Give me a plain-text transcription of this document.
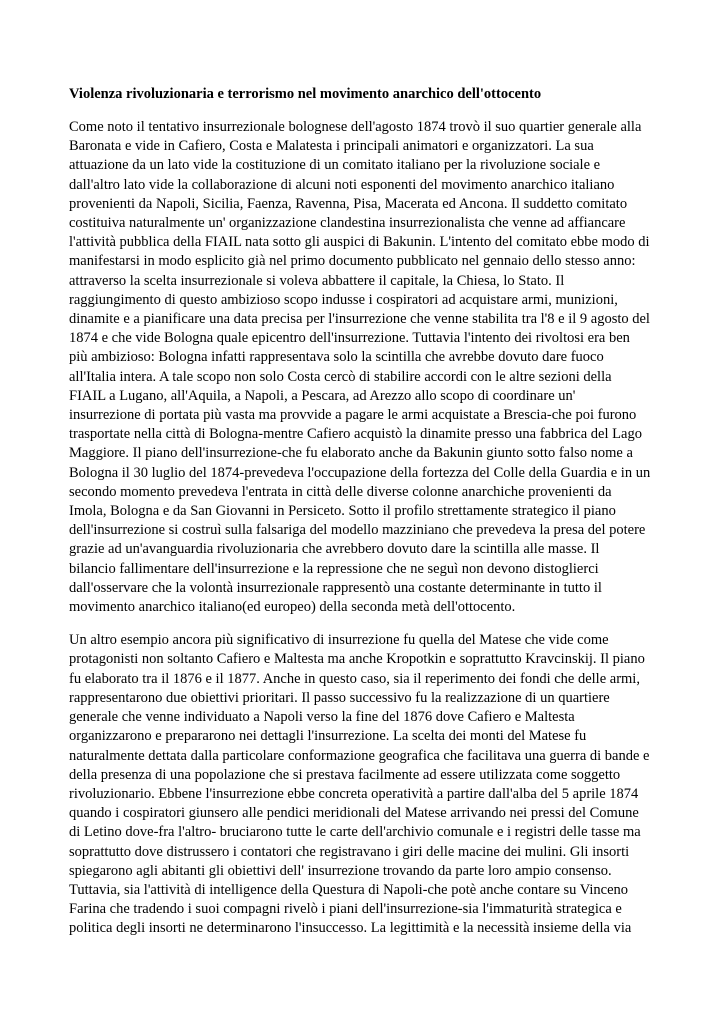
Violenza rivoluzionaria e terrorismo nel movimento anarchico dell'ottocento
Come noto il tentativo insurrezionale bolognese dell'agosto 1874 trovò il suo quartier generale alla
Baronata e vide in Cafiero, Costa e Malatesta i principali animatori e organizzatori. La sua
attuazione da un lato vide la costituzione di un comitato italiano per la rivoluzione sociale e
dall'altro lato vide la collaborazione di alcuni noti esponenti del movimento anarchico italiano
provenienti da Napoli, Sicilia, Faenza, Ravenna, Pisa, Macerata ed Ancona. Il suddetto comitato
costituiva naturalmente un' organizzazione clandestina insurrezionalista che venne ad affiancare
l'attività pubblica della FIAIL nata sotto gli auspici di Bakunin. L'intento del comitato ebbe modo di
manifestarsi in modo esplicito già nel primo documento pubblicato nel gennaio dello stesso anno:
attraverso la scelta insurrezionale si voleva abbattere il capitale, la Chiesa, lo Stato. Il
raggiungimento di questo ambizioso scopo indusse i cospiratori ad acquistare armi, munizioni,
dinamite e a pianificare una data precisa per l'insurrezione che venne stabilita tra l'8 e il 9 agosto del
1874 e che vide Bologna quale epicentro dell'insurrezione. Tuttavia l'intento dei rivoltosi era ben
più ambizioso: Bologna infatti rappresentava solo la scintilla che avrebbe dovuto dare fuoco
all'Italia intera. A tale scopo non solo Costa cercò di stabilire accordi con le altre sezioni della
FIAIL a Lugano, all'Aquila, a Napoli, a Pescara, ad Arezzo allo scopo di coordinare un'
insurrezione di portata più vasta ma provvide a pagare le armi acquistate a Brescia-che poi furono
trasportate nella città di Bologna-mentre Cafiero acquistò la dinamite presso una fabbrica del Lago
Maggiore. Il piano dell'insurrezione-che fu elaborato anche da Bakunin giunto sotto falso nome a
Bologna il 30 luglio del 1874-prevedeva l'occupazione della fortezza del Colle della Guardia e in un
secondo momento prevedeva l'entrata in città delle diverse colonne anarchiche provenienti da
Imola, Bologna e da San Giovanni in Persiceto. Sotto il profilo strettamente strategico il piano
dell'insurrezione si costruì sulla falsariga del modello mazziniano che prevedeva la presa del potere
grazie ad un'avanguardia rivoluzionaria che avrebbero dovuto dare la scintilla alle masse. Il
bilancio fallimentare dell'insurrezione e la repressione che ne seguì non devono distoglierci
dall'osservare che la volontà insurrezionale rappresentò una costante determinante in tutto il
movimento anarchico italiano(ed europeo) della seconda metà dell'ottocento.
Un altro esempio ancora più significativo di insurrezione fu quella del Matese che vide come
protagonisti non soltanto Cafiero e Maltesta ma anche Kropotkin e soprattutto Kravcinskij. Il piano
fu elaborato tra il 1876 e il 1877. Anche in questo caso, sia il reperimento dei fondi che delle armi,
rappresentarono due obiettivi prioritari. Il passo successivo fu la realizzazione di un quartiere
generale che venne individuato a Napoli verso la fine del 1876 dove Cafiero e Maltesta
organizzarono e prepararono nei dettagli l'insurrezione. La scelta dei monti del Matese fu
naturalmente dettata dalla particolare conformazione geografica che facilitava una guerra di bande e
della presenza di una popolazione che si prestava facilmente ad essere utilizzata come soggetto
rivoluzionario. Ebbene l'insurrezione ebbe concreta operatività a partire dall'alba del 5 aprile 1874
quando i cospiratori giunsero alle pendici meridionali del Matese arrivando nei pressi del Comune
di Letino dove-fra l'altro- bruciarono tutte le carte dell'archivio comunale e i registri delle tasse ma
soprattutto dove distrussero i contatori che registravano i giri delle macine dei mulini. Gli insorti
spiegarono agli abitanti gli obiettivi dell' insurrezione trovando da parte loro ampio consenso.
Tuttavia, sia l'attività di intelligence della Questura di Napoli-che potè anche contare su Vinceno
Farina che tradendo i suoi compagni rivelò i piani dell'insurrezione-sia l'immaturità strategica e
politica degli insorti ne determinarono l'insuccesso. La legittimità e la necessità insieme della via
